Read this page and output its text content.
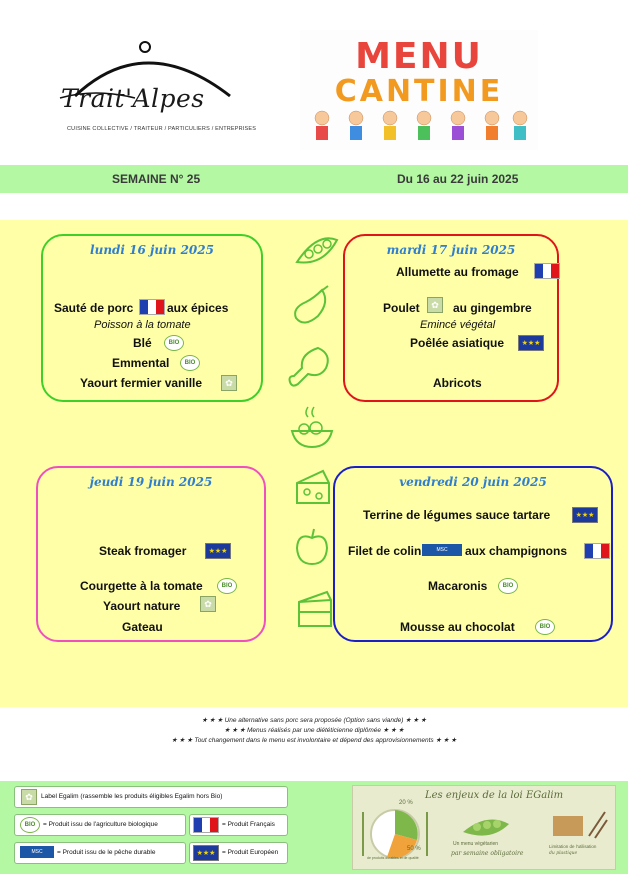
Trait'Alpes
CUISINE COLLECTIVE / TRAITEUR / PARTICULIERS / ENTREPRISES
MENU
CANTINE
SEMAINE N° 25	Du 16 au 22 juin 2025
lundi 16 juin 2025
Sauté de porc	aux épices
Poisson à la tomate
Blé	BIO
Emmental	BIO
Yaourt fermier vanille	✿
mardi 17 juin 2025
Allumette au fromage
Poulet	✿	au gingembre
Emincé végétal
Poêlée asiatique	★★★
Abricots
jeudi 19 juin 2025
Steak fromager	★★★
Courgette à la tomate	BIO
Yaourt nature	✿
Gateau
vendredi 20 juin 2025
Terrine de légumes sauce tartare	★★★
Filet de colin	MSC aux champignons
Macaronis	BIO
Mousse au chocolat	BIO
★ ★ ★ Une alternative sans porc sera proposée (Option sans viande) ★ ★ ★
★ ★ ★ Menus réalisés par une diététicienne diplômée ★ ★ ★
★ ★ ★ Tout changement dans le menu est involontaire et dépend des approvisionnements ★ ★ ★
✿	Label Egalim (rassemble les produits éligibles Egalim hors Bio)
BIO = Produit issu de l'agriculture biologique	= Produit Français
MSC = Produit issu de le pêche durable	★★★	= Produit Européen
Les enjeux de la loi EGalim
20 %
50 %
de produits durables et de qualité
Un menu végétarien
par semaine obligatoire
Limitation de l'utilisation
du plastique
